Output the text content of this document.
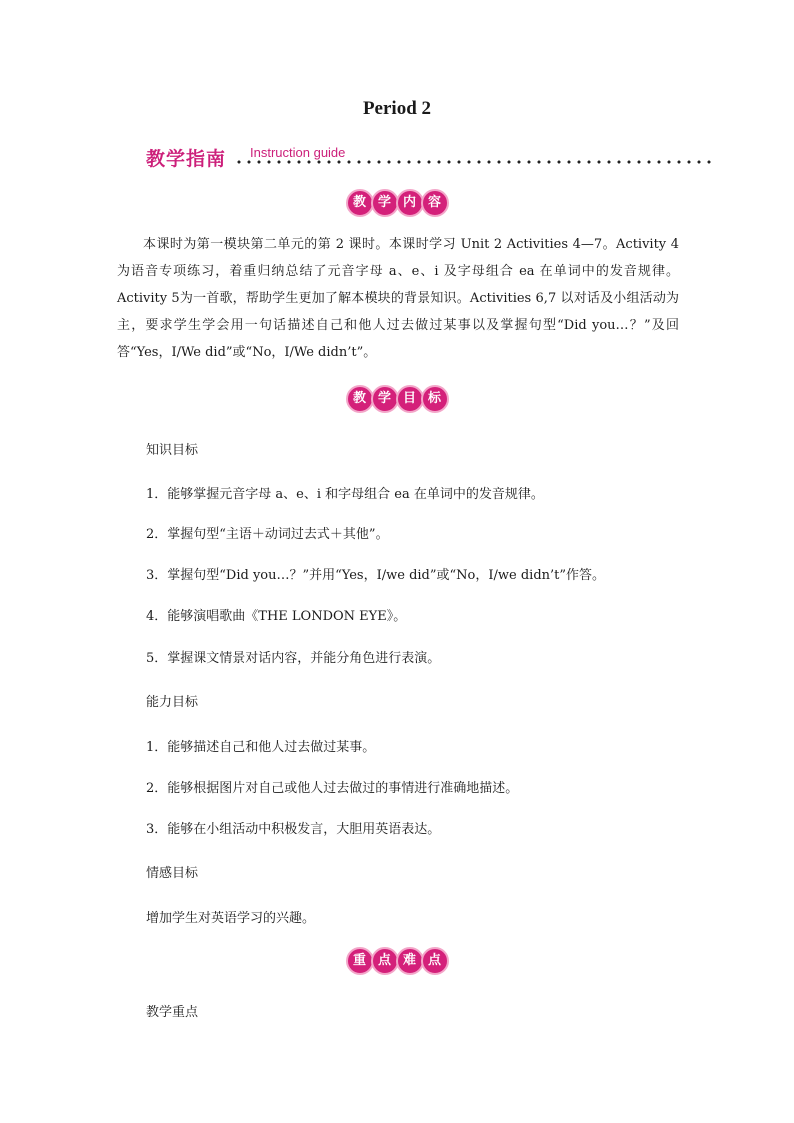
Period 2
教学指南 Instruction guide
教 学 内 容
本课时为第一模块第二单元的第 2 课时。本课时学习 Unit 2 Activities 4—7。Activity 4 为语音专项练习，着重归纳总结了元音字母 a、e、i 及字母组合 ea 在单词中的发音规律。Activity 5为一首歌，帮助学生更加了解本模块的背景知识。Activities 6,7 以对话及小组活动为主，要求学生学会用一句话描述自己和他人过去做过某事以及掌握句型“Did you…？”及回答“Yes，I/We did”或“No，I/We didn’t”。
教 学 目 标
知识目标
1．能够掌握元音字母 a、e、i 和字母组合 ea 在单词中的发音规律。
2．掌握句型“主语＋动词过去式＋其他”。
3．掌握句型“Did you…？”并用“Yes，I/we did”或“No，I/we didn’t”作答。
4．能够演唱歌曲《THE LONDON EYE》。
5．掌握课文情景对话内容，并能分角色进行表演。
能力目标
1．能够描述自己和他人过去做过某事。
2．能够根据图片对自己或他人过去做过的事情进行准确地描述。
3．能够在小组活动中积极发言，大胆用英语表达。
情感目标
增加学生对英语学习的兴趣。
重 点 难 点
教学重点
